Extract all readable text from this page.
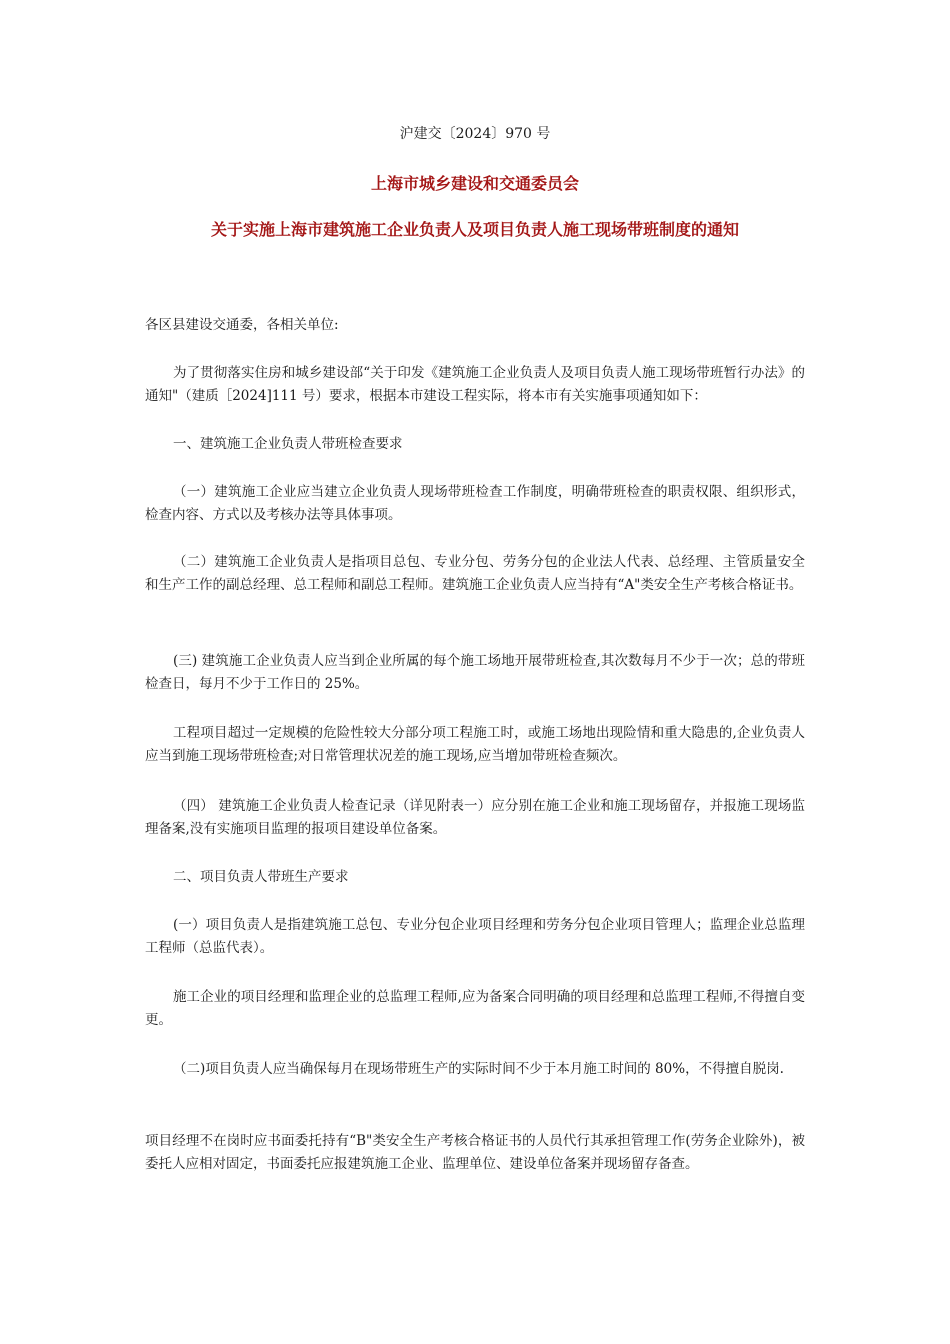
沪建交〔2024〕970 号
上海市城乡建设和交通委员会
关于实施上海市建筑施工企业负责人及项目负责人施工现场带班制度的通知
各区县建设交通委，各相关单位:
为了贯彻落实住房和城乡建设部“关于印发《建筑施工企业负责人及项目负责人施工现场带班暂行办法》的通知"（建质［2024]111 号）要求，根据本市建设工程实际，将本市有关实施事项通知如下：
一、建筑施工企业负责人带班检查要求
（一）建筑施工企业应当建立企业负责人现场带班检查工作制度，明确带班检查的职责权限、组织形式，检查内容、方式以及考核办法等具体事项。
（二）建筑施工企业负责人是指项目总包、专业分包、劳务分包的企业法人代表、总经理、主管质量安全和生产工作的副总经理、总工程师和副总工程师。建筑施工企业负责人应当持有“A"类安全生产考核合格证书。
(三) 建筑施工企业负责人应当到企业所属的每个施工场地开展带班检查,其次数每月不少于一次；总的带班检查日，每月不少于工作日的 25%。
工程项目超过一定规模的危险性较大分部分项工程施工时，或施工场地出现险情和重大隐患的,企业负责人应当到施工现场带班检查;对日常管理状况差的施工现场,应当增加带班检查频次。
（四） 建筑施工企业负责人检查记录（详见附表一）应分别在施工企业和施工现场留存，并报施工现场监理备案,没有实施项目监理的报项目建设单位备案。
二、项目负责人带班生产要求
(一）项目负责人是指建筑施工总包、专业分包企业项目经理和劳务分包企业项目管理人；监理企业总监理工程师（总监代表）。
施工企业的项目经理和监理企业的总监理工程师,应为备案合同明确的项目经理和总监理工程师,不得擅自变更。
（二)项目负责人应当确保每月在现场带班生产的实际时间不少于本月施工时间的 80%，不得擅自脱岗.
项目经理不在岗时应书面委托持有“B"类安全生产考核合格证书的人员代行其承担管理工作(劳务企业除外)，被委托人应相对固定，书面委托应报建筑施工企业、监理单位、建设单位备案并现场留存备查。
